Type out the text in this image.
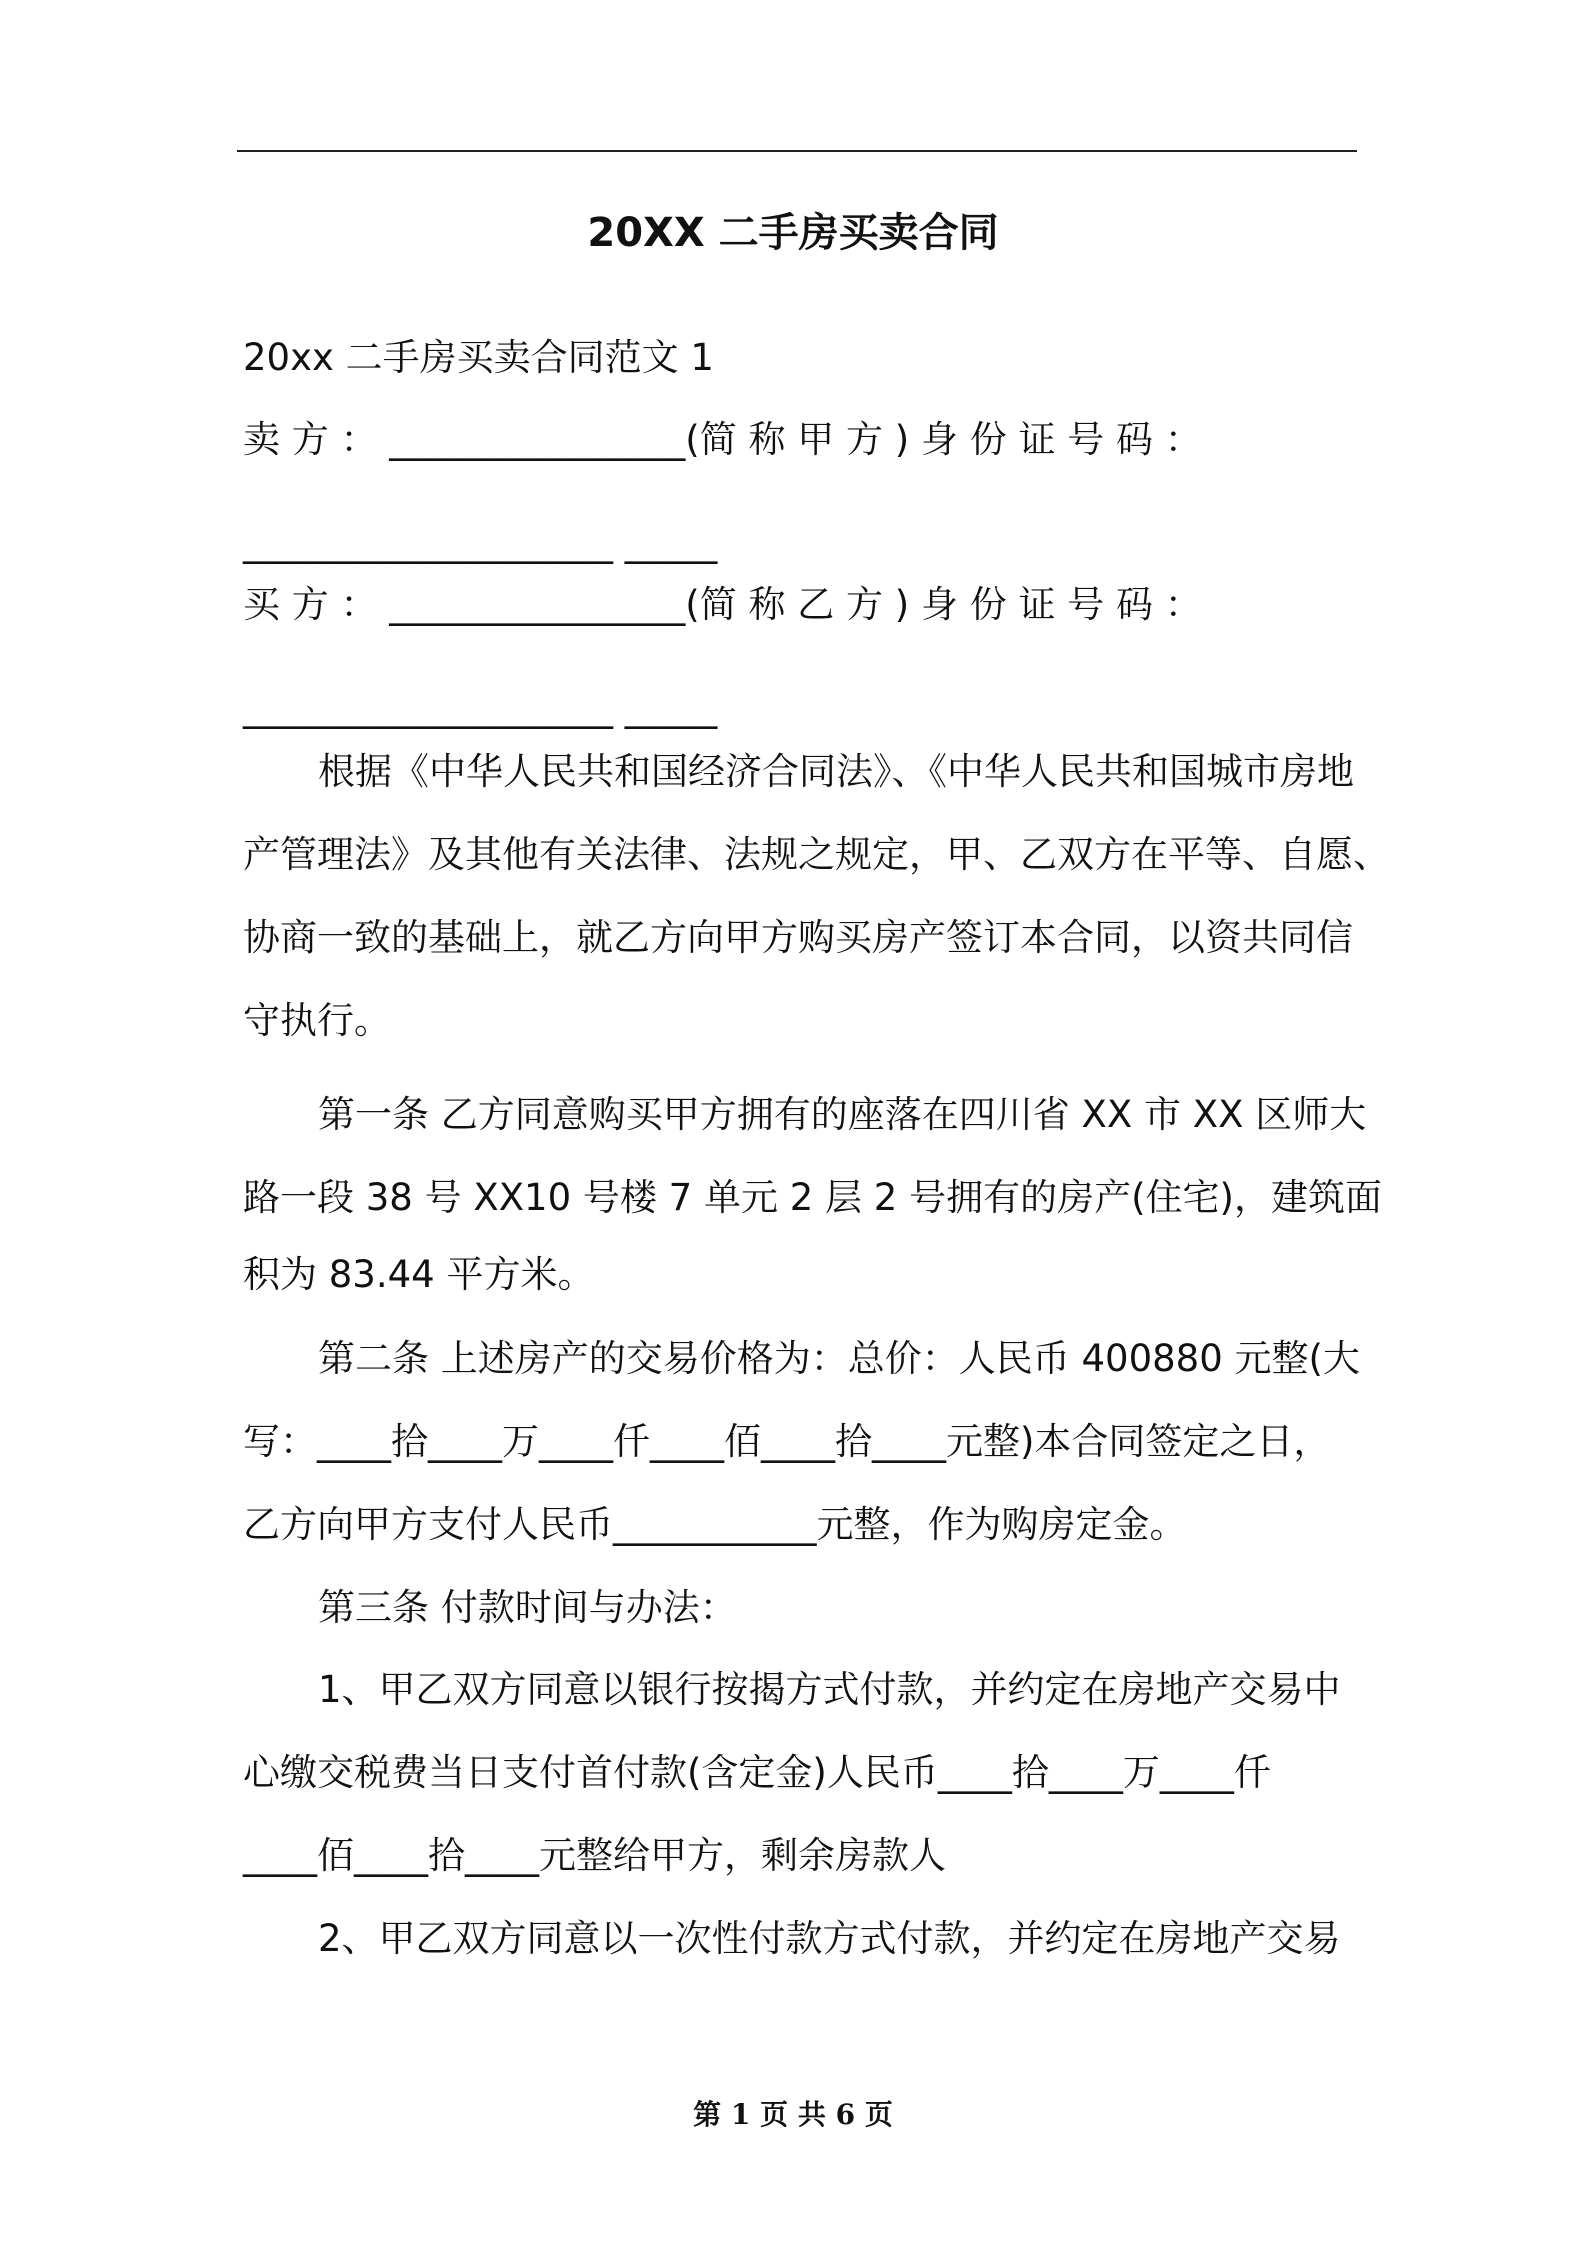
20XX 二手房买卖合同
20xx 二手房买卖合同范文 1
卖 方 ： ________________(简 称 甲 方 ) 身 份 证 号 码 ：
____________________ _____
买 方 ： ________________(简 称 乙 方 ) 身 份 证 号 码 ：
____________________ _____
根据《中华人民共和国经济合同法》、《中华人民共和国城市房地
产管理法》及其他有关法律、法规之规定，甲、乙双方在平等、自愿、
协商一致的基础上，就乙方向甲方购买房产签订本合同，以资共同信
守执行。
第一条 乙方同意购买甲方拥有的座落在四川省 XX 市 XX 区师大
路一段 38 号 XX10 号楼 7 单元 2 层 2 号拥有的房产(住宅)，建筑面
积为 83.44 平方米。
第二条 上述房产的交易价格为：总价：人民币 400880 元整(大
写：____拾____万____仟____佰____拾____元整)本合同签定之日，
乙方向甲方支付人民币___________元整，作为购房定金。
第三条 付款时间与办法：
1、甲乙双方同意以银行按揭方式付款，并约定在房地产交易中
心缴交税费当日支付首付款(含定金)人民币____拾____万____仟
____佰____拾____元整给甲方，剩余房款人
2、甲乙双方同意以一次性付款方式付款，并约定在房地产交易
第 1 页 共 6 页
